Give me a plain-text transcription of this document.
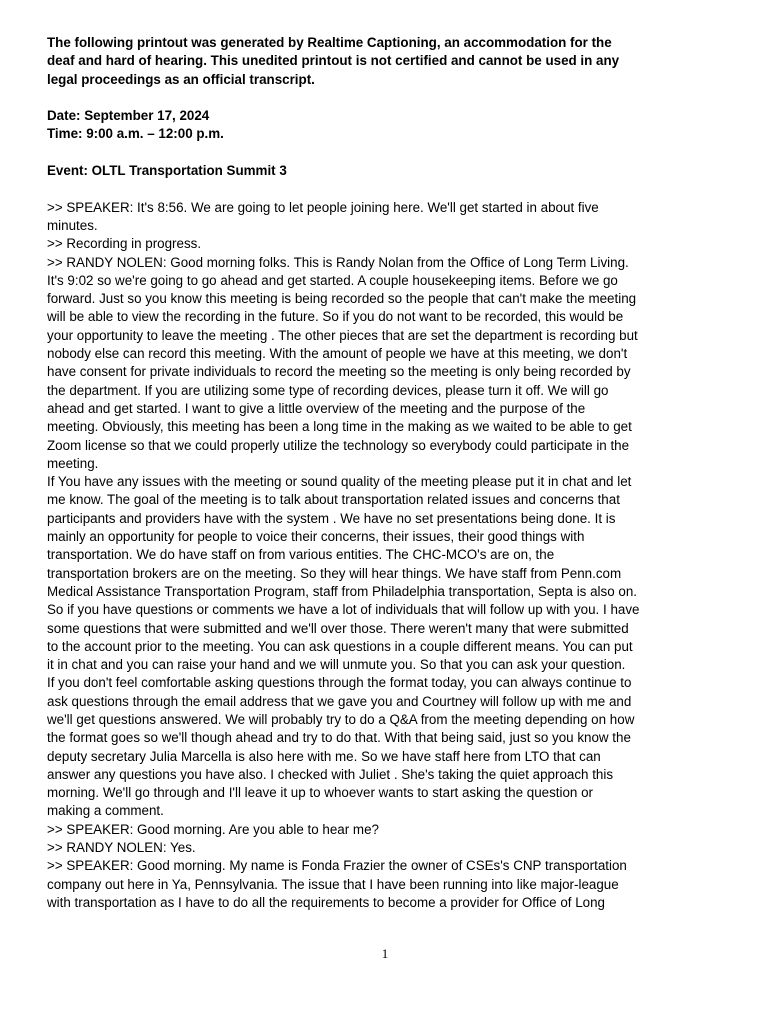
The following printout was generated by Realtime Captioning, an accommodation for the

deaf and hard of hearing. This unedited printout is not certified and cannot be used in any

legal proceedings as an official transcript.

Date: September 17, 2024

Time: 9:00 a.m. – 12:00 p.m.

Event: OLTL Transportation Summit 3

>> SPEAKER: It's 8:56. We are going to let people joining here. We'll get started in about five

minutes.

>> Recording in progress.

>> RANDY NOLEN: Good morning folks. This is Randy Nolan from the Office of Long Term Living.

It's 9:02 so we're going to go ahead and get started. A couple housekeeping items. Before we go

forward. Just so you know this meeting is being recorded so the people that can't make the meeting

will be able to view the recording in the future. So if you do not want to be recorded, this would be

your opportunity to leave the meeting . The other pieces that are set the department is recording but

nobody else can record this meeting. With the amount of people we have at this meeting, we don't

have consent for private individuals to record the meeting so the meeting is only being recorded by

the department. If you are utilizing some type of recording devices, please turn it off. We will go

ahead and get started. I want to give a little overview of the meeting and the purpose of the

meeting. Obviously, this meeting has been a long time in the making as we waited to be able to get

Zoom license so that we could properly utilize the technology so everybody could participate in the

meeting.

If You have any issues with the meeting or sound quality of the meeting please put it in chat and let

me know. The goal of the meeting is to talk about transportation related issues and concerns that

participants and providers have with the system . We have no set presentations being done. It is

mainly an opportunity for people to voice their concerns, their issues, their good things with

transportation. We do have staff on from various entities. The CHC-MCO's are on, the

transportation brokers are on the meeting. So they will hear things. We have staff from Penn.com

Medical Assistance Transportation Program, staff from Philadelphia transportation, Septa is also on.

So if you have questions or comments we have a lot of individuals that will follow up with you. I have

some questions that were submitted and we'll over those. There weren't many that were submitted

to the account prior to the meeting. You can ask questions in a couple different means. You can put

it in chat and you can raise your hand and we will unmute you. So that you can ask your question.

If you don't feel comfortable asking questions through the format today, you can always continue to

ask questions through the email address that we gave you and Courtney will follow up with me and

we'll get questions answered. We will probably try to do a Q&A from the meeting depending on how

the format goes so we'll though ahead and try to do that. With that being said, just so you know the

deputy secretary Julia Marcella is also here with me. So we have staff here from LTO that can

answer any questions you have also. I checked with Juliet . She's taking the quiet approach this

morning. We'll go through and I'll leave it up to whoever wants to start asking the question or

making a comment.

>> SPEAKER: Good morning. Are you able to hear me?

>> RANDY NOLEN: Yes.

>> SPEAKER: Good morning. My name is Fonda Frazier the owner of CSEs's CNP transportation

company out here in Ya, Pennsylvania. The issue that I have been running into like major-league

with transportation as I have to do all the requirements to become a provider for Office of Long

1
